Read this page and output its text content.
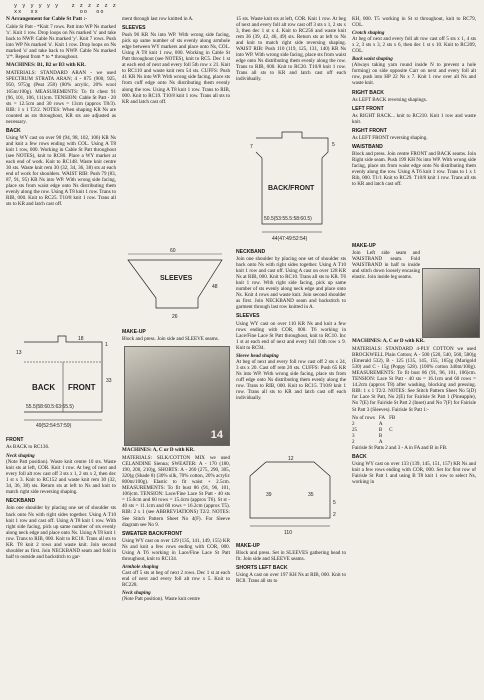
y y y y y y   z z z z z z
xx  xx          oo  oo

N Arrangement for Cable St Patt :-

Cable St Patt - *Knit 7 rows. Patt into WP Ns marked 'x'. Knit 1 row. Drop loops on Ns marked 'x' and take back to NWP. Cable Ns marked 'y'. Knit 7 rows. Push into WP Ns marked 'o'. Knit 1 row. Drop loops on Ns marked 'o' and take back to NWP. Cable Ns marked 'z'*. Repeat from * to * throughout.

MACHINES: B1, B2 or B3 with KR.

MATERIALS: STANDARD ARAN - we used SPECTRUM STRATA ARAN; 4 - 875 (900, 925, 950, 975)g (Peat 258) (80% acrylic, 20% wool 165m/100g). MEASUREMENTS: To fit chest 91 (96, 101, 106, 111)cm. TENSION: Cable St Patt - 20 sts = 12.5cm and 30 rows = 13cm (approx T8/3). RIB: 1 x 1 T2/2. NOTES: When shaping KR Ns are counted as sts throughout, KR sts are adjusted as necessary.

BACK

Using WY cast on over 90 (94, 98, 102, 106) KR Ns and knit a few rows ending with COL. Using A T8 knit 1 row, 000. Working in Cable St Patt throughout (see NOTES), knit to RC80. Place a WY marker at each end of work. Knit to RC148. Waste knit centre 30 sts. Waste knit rem 30 (32, 34, 36, 38) sts at each end of work for shoulders. WAIST RIB: Push 79 (83, 87, 91, 95) KR Ns into WP. With wrong side facing, place sts from waist edge onto Ns distributing them evenly along the row. Using A T8 knit 1 row. Trans to RIB, 000. Knit to RC25. T10/8 knit 1 row. Trans all sts to KR and latch cast off.

18
1
33
13
BACK FRONT
55.5(58:60.5:63:65.5)
49(52:54:57:59)
FRONT

As BACK to RC136.

Neck shaping

(Note Patt position). Waste knit centre 10 sts. Waste knit sts at left, COR. Knit 1 row. At beg of next and every foll alt row cast off 3 sts x 1, 2 sts x 2, then dec 1 st x 3. Knit to RC152 and waste knit rem 30 (32, 34, 36, 38) sts. Return sts at left to Ns and knit to match right side reversing shaping.

NECKBAND

Join one shoulder by placing one set of shoulder sts back onto Ns with right sides together. Using A T10 knit 1 row and cast off. Using A T8 knit 1 row. With right side facing, pick up same number of sts evenly along neck edge and place onto Ns. Using A T8 knit 1 row. Trans to RIB, 000. Knit to RC18. Trans all sts to KR. T8 knit 2 rows and waste knit. Join second shoulder as first. Join NECKBAND seam and fold in half to outside and backstitch to gar-

ment through last row knitted in A.

SLEEVES

Push 96 KR Ns into WP. With wrong side facing, pick up same number of sts evenly along armhole edge between WY markers and place onto Ns, COL. Using A T8 knit 1 row, 000. Working in Cable St Patt throughout (see NOTES), knit to RC5. Dec 1 st at each end of next and every foll 5th row x 21. Knit to RC110 and waste knit rem 54 sts. CUFFS: Push 41 KR Ns into WP. With wrong side facing, place sts from cuff edge onto Ns distributing them evenly along the row. Using A T8 knit 1 row. Trans to RIB, 000. Knit to RC19. T10/8 knit 1 row. Trans all sts to KR and latch cast off.

60
SLEEVES
48
26
MAKE-UP

Block and press. Join side and SLEEVE seams.

14

MACHINES: A, C or D with KR.

MATERIALS: SILK/COTTON MIX we used CELANDINE Sienna; SWEATER: A - 170 (180, 190, 200, 210)g, SHORTS: A - 260 (275, 290, 305, 320)g (Shade 8) (30% silk, 70% cotton, 20% acrylic 800m/100g). Elastic to fit waist + 2.5cm. MEASUREMENTS: To fit bust 86 (91, 96, 101, 106)cm. TENSION: Lace/Fine Lace St Patt - 40 sts = 15.6cm and 60 rows = 15.4cm (approx T6). St st - 40 sts = 11.1cm and 60 rows = 16.2cm (approx T5). RIB: 2 x 1 (see ABBREVIATIONS) T2/2. NOTES: See Stitch Pattern Sheet No 4(F). For Sleeve diagram see No 9.

SWEATER BACK/FRONT

Using WY cast on over 129 (135, 141, 149, 155) KR Ns and knit a few rows ending with COR, 000. Using A T6 working in Lace/Fine Lace St Patt throughout, knit to RC134.

Armhole shaping

Cast off 5 sts at beg of next 2 rows. Dec 1 st at each end of next and every foll alt row x 5. Knit to RC228.

Neck shaping

(Note Patt position). Waste knit centre

15 sts. Waste knit sts at left, COR. Knit 1 row. At beg of next and every foll alt row cast off 3 sts x 1, 2 sts x 3, then dec 1 st x 4. Knit to RC256 and waste knit rem 36 (39, 42, 46, 49) sts. Return sts at left to Ns and knit to match right side reversing shaping. WAIST RIB: Push 110 (119, 125, 131, 140) KR Ns into WP. With wrong side facing, place sts from waist edge onto Ns distributing them evenly along the row. Trans to RIB, 000. Knit to RC20. T10/8 knit 1 row. Trans all sts to KR and latch cast off each individually.

BACK/FRONT
5
7
50.5(53:55.5:58:60.5)
44(47:49:52:54)
NECKBAND

Join one shoulder by placing one set of shoulder sts back onto Ns with right sides together. Using A T10 knit 1 row and cast off. Using A cast on over 128 KR Ns at RIB, 000. Knit to RC10. Trans all sts to KR. T6 knit 1 row. With right side facing, pick up same number of sts evenly along neck edge and place onto Ns. Knit 4 rows and waste knit. Join second shoulder as first. Join NECKBAND seam and backstitch to garment through last row knitted in A.

SLEEVES

Using WY cast on over 110 KR Ns and knit a few rows ending with COR, 000. T6 working in Lace/Fine Lace St Patt throughout, knit to RC10. Inc 1 st at each end of next and every foll 10th row x 9. Knit to RC94.

Sleeve head shaping

At beg of next and every foll row cast off 2 sts x 24, 3 sts x 20. Cast off rem 20 sts. CUFFS: Push 65 KR Ns into WP. With wrong side facing, place sts from cuff edge onto Ns distributing them evenly along the row. Trans to RIB, 000. Knit to RC15. T10/8 knit 1 row. Trans all sts to KR and latch cast off each individually.

12
39	35
5
2
110
MAKE-UP

Block and press. Set in SLEEVES gathering head to fit. Join side and SLEEVE seams.

SHORTS LEFT BACK

Using A cast on over 197 KH Ns at RIB, 000. Knit to RC8. Trans all sts to

KH, 000. T5 working in St st throughout, knit to RC79, COL.

Crotch shaping

At beg of next and every foll alt row cast off 5 sts x 1, 4 sts x 2, 3 sts x 3, 2 sts x 6, then dec 1 st x 10. Knit to RC209, COL.

Back waist shaping

(Always taking yarn round inside N to prevent a hole forming) on side opposite Carr on next and every foll alt row, push into HP 22 Ns x 7. Knit 1 row over all Ns and waste knit.

RIGHT BACK

As LEFT BACK reversing shapings.

LEFT FRONT

As RIGHT BACK... knit to RC210. Knit 1 row and waste knit.

RIGHT FRONT

As LEFT FRONT reversing shaping.

WAISTBAND

Block and press. Join centre FRONT and BACK seams. Join Right side seam. Push 199 KH Ns into WP. With wrong side facing, place sts from waist edge onto Ns distributing them evenly along the row. Using A T6 knit 1 row. Trans to 1 x 1 Rib, 000. T1/1 Knit to RC29. T10/8 knit 1 row. Trans all sts to KR and latch cast off.

MAKE-UP

Join Left side seam and WAISTBAND seam. Fold WAISTBAND in half to inside and stitch down loosely encasing elastic. Join inside leg seams.

MACHINES: A, C or D with KR.

MATERIALS: STANDARD 4-PLY COTTON we used BROCKWELL Plain Cotton; A - 500 (520, 540, 560, 580)g (Emerald 532), B - 125 (135, 145, 155, 165)g (Marigold 530) and C - 15g (Poppy 528). (100% cotton 340m/100g). MEASUREMENTS: To fit bust 86 (91, 96, 101, 106)cm. TENSION: Lace St Patt - 40 sts = 16.1cm and 60 rows = 14.2cm (approx T8) after washing, blocking and pressing. RIB: 1 x 1 T2/2. NOTES: See Stitch Pattern Sheet No 5(D) for Lace St Patt, No 2(E) for Fairisle St Patt 1 (Pineapple), No 7(E) for Fairisle St Patt 2 (Inset) and No 7(F) for Fairisle St Patt 3 (Sleeves). Fairisle St Patt 1:-

No of rows	FA	FB
2	A	
25	B	C
3	B	
2	A	

Fairisle St Patts 2 and 3 - A in FA and B in FB.

BACK

Using WY cast on over 133 (139, 145, 151, 157) KR Ns and knit a few rows ending with COR, 000. Set for first row of Fairisle St Patt 1 and using B T8 knit 1 row to select Ns, working in
